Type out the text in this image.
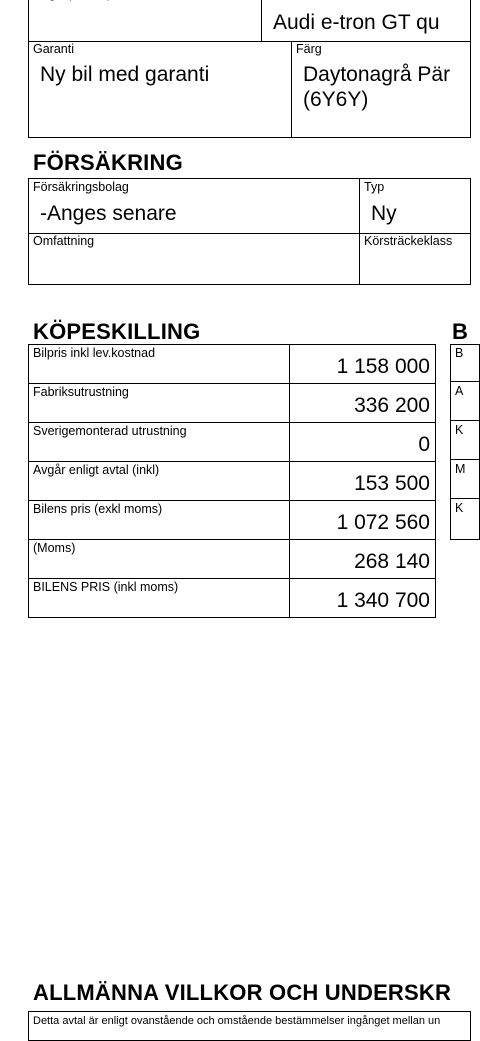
Audi e-tron GT qu
Garanti
Ny bil med garanti
Färg
Daytonagrå Pär
(6Y6Y)
FÖRSÄKRING
Försäkringsbolag
-Anges senare
Typ
Ny
Omfattning	Körsträckeklass
KÖPESKILLING	B
Bilpris inkl lev.kostnad
1 158 000
Fabriksutrustning
336 200
Sverigemonterad utrustning
0
Avgår enligt avtal (inkl)
153 500
Bilens pris (exkl moms)
1 072 560
(Moms)
268 140
BILENS PRIS (inkl moms)
1 340 700
B
A
K
M
K
ALLMÄNNA VILLKOR OCH UNDERSKR
Detta avtal är enligt ovanstående och omstående bestämmelser ingånget mellan un
